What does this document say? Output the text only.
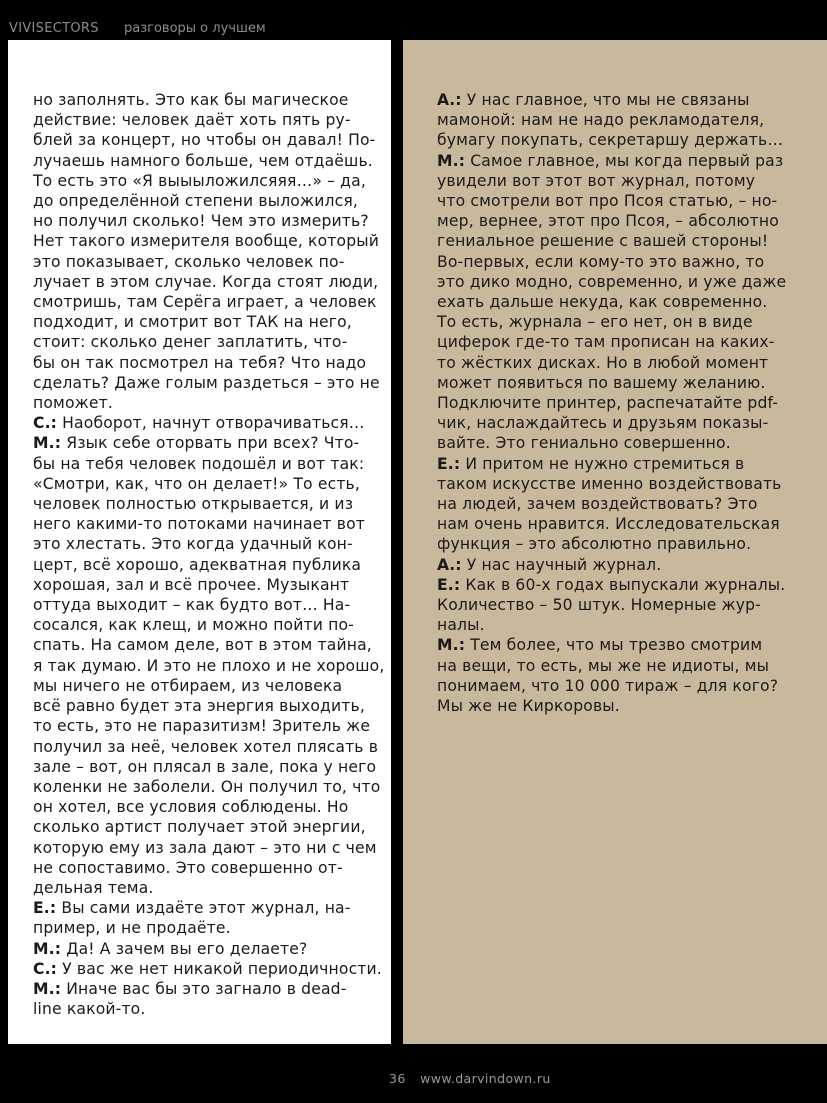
VIVISECTORS разговоры о лучшем
но заполнять. Это как бы магическое
действие: человек даёт хоть пять ру-
блей за концерт, но чтобы он давал! По-
лучаешь намного больше, чем отдаёшь.
То есть это «Я выыыложилсяяя…» – да,
до определённой степени выложился,
но получил сколько! Чем это измерить?
Нет такого измерителя вообще, который
это показывает, сколько человек по-
лучает в этом случае. Когда стоят люди,
смотришь, там Серёга играет, а человек
подходит, и смотрит вот ТАК на него,
стоит: сколько денег заплатить, что-
бы он так посмотрел на тебя? Что надо
сделать? Даже голым раздеться – это не
поможет.
С.: Наоборот, начнут отворачиваться…
М.: Язык себе оторвать при всех? Что-
бы на тебя человек подошёл и вот так:
«Смотри, как, что он делает!» То есть,
человек полностью открывается, и из
него какими-то потоками начинает вот
это хлестать. Это когда удачный кон-
церт, всё хорошо, адекватная публика
хорошая, зал и всё прочее. Музыкант
оттуда выходит – как будто вот… На-
сосался, как клещ, и можно пойти по-
спать. На самом деле, вот в этом тайна,
я так думаю. И это не плохо и не хорошо,
мы ничего не отбираем, из человека
всё равно будет эта энергия выходить,
то есть, это не паразитизм! Зритель же
получил за неё, человек хотел плясать в
зале – вот, он плясал в зале, пока у него
коленки не заболели. Он получил то, что
он хотел, все условия соблюдены. Но
сколько артист получает этой энергии,
которую ему из зала дают – это ни с чем
не сопоставимо. Это совершенно от-
дельная тема.
Е.: Вы сами издаёте этот журнал, на-
пример, и не продаёте.
М.: Да! А зачем вы его делаете?
С.: У вас же нет никакой периодичности.
М.: Иначе вас бы это загнало в dead-
line какой-то.
А.: У нас главное, что мы не связаны
мамоной: нам не надо рекламодателя,
бумагу покупать, секретаршу держать…
М.: Самое главное, мы когда первый раз
увидели вот этот вот журнал, потому
что смотрели вот про Псоя статью, – но-
мер, вернее, этот про Псоя, – абсолютно
гениальное решение с вашей стороны!
Во-первых, если кому-то это важно, то
это дико модно, современно, и уже даже
ехать дальше некуда, как современно.
То есть, журнала – его нет, он в виде
циферок где-то там прописан на каких-
то жёстких дисках. Но в любой момент
может появиться по вашему желанию.
Подключите принтер, распечатайте pdf-
чик, наслаждайтесь и друзьям показы-
вайте. Это гениально совершенно.
Е.: И притом не нужно стремиться в
таком искусстве именно воздействовать
на людей, зачем воздействовать? Это
нам очень нравится. Исследовательская
функция – это абсолютно правильно.
А.: У нас научный журнал.
Е.: Как в 60-х годах выпускали журналы.
Количество – 50 штук. Номерные жур-
налы.
М.: Тем более, что мы трезво смотрим
на вещи, то есть, мы же не идиоты, мы
понимаем, что 10 000 тираж – для кого?
Мы же не Киркоровы.
36 www.darvindown.ru
